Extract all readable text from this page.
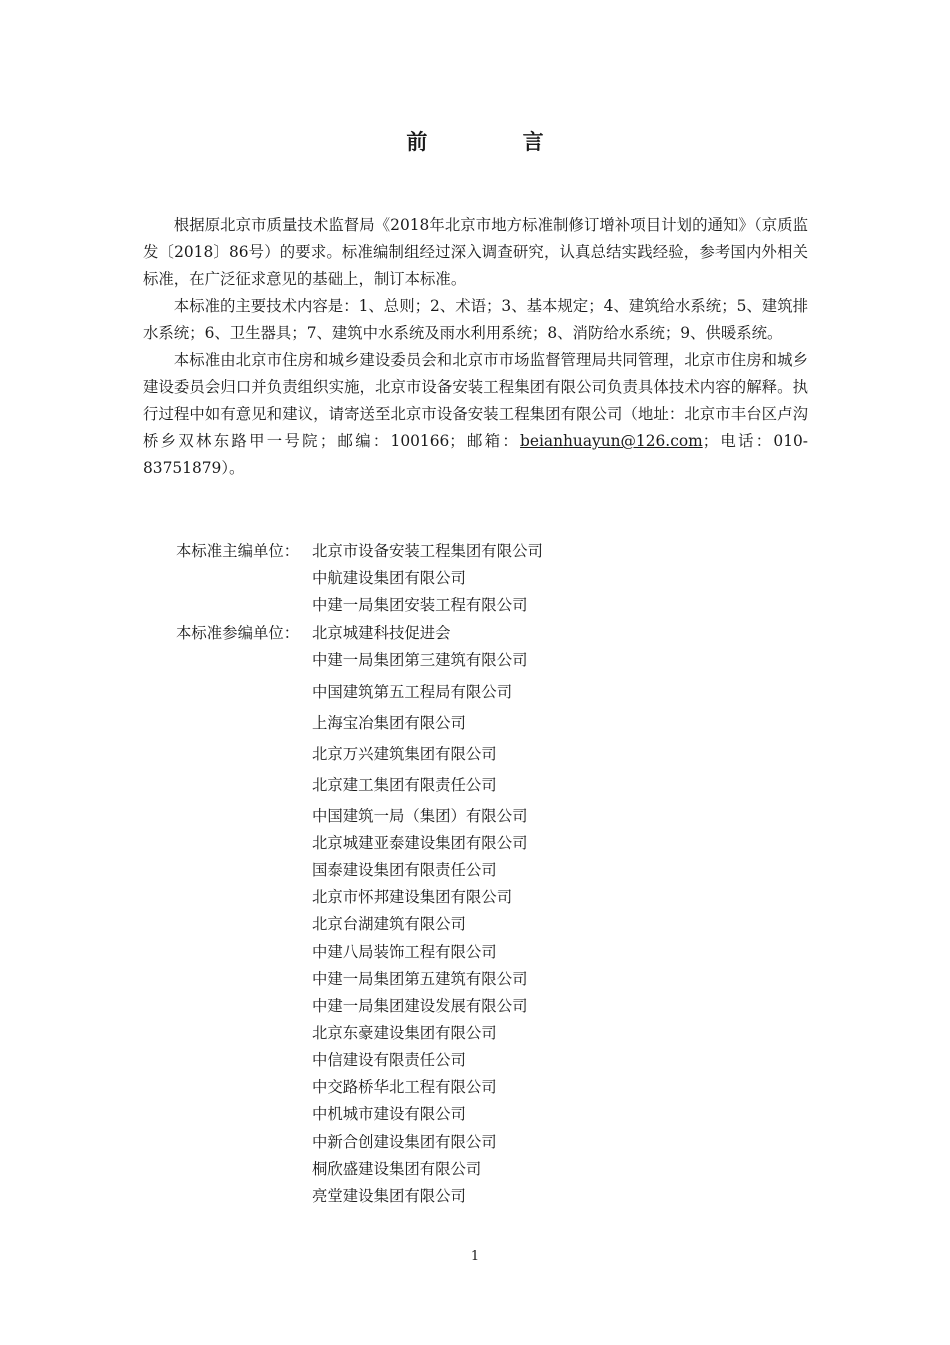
前 言

根据原北京市质量技术监督局《2018年北京市地方标准制修订增补项目计划的通知》（京质监发〔2018〕86号）的要求。标准编制组经过深入调查研究，认真总结实践经验，参考国内外相关标准，在广泛征求意见的基础上，制订本标准。

本标准的主要技术内容是：1、总则；2、术语；3、基本规定；4、建筑给水系统；5、建筑排水系统；6、卫生器具；7、建筑中水系统及雨水利用系统；8、消防给水系统；9、供暖系统。

本标准由北京市住房和城乡建设委员会和北京市市场监督管理局共同管理，北京市住房和城乡建设委员会归口并负责组织实施，北京市设备安装工程集团有限公司负责具体技术内容的解释。执行过程中如有意见和建议，请寄送至北京市设备安装工程集团有限公司（地址：北京市丰台区卢沟桥乡双林东路甲一号院；邮编：100166；邮箱：beianhuayun@126.com；电话：010-83751879）。

本标准主编单位： 北京市设备安装工程集团有限公司
中航建设集团有限公司
中建一局集团安装工程有限公司
本标准参编单位： 北京城建科技促进会
中建一局集团第三建筑有限公司
中国建筑第五工程局有限公司
上海宝冶集团有限公司
北京万兴建筑集团有限公司
北京建工集团有限责任公司
中国建筑一局（集团）有限公司
北京城建亚泰建设集团有限公司
国泰建设集团有限责任公司
北京市怀邦建设集团有限公司
北京台湖建筑有限公司
中建八局装饰工程有限公司
中建一局集团第五建筑有限公司
中建一局集团建设发展有限公司
北京东豪建设集团有限公司
中信建设有限责任公司
中交路桥华北工程有限公司
中机城市建设有限公司
中新合创建设集团有限公司
桐欣盛建设集团有限公司
亮堂建设集团有限公司
1
